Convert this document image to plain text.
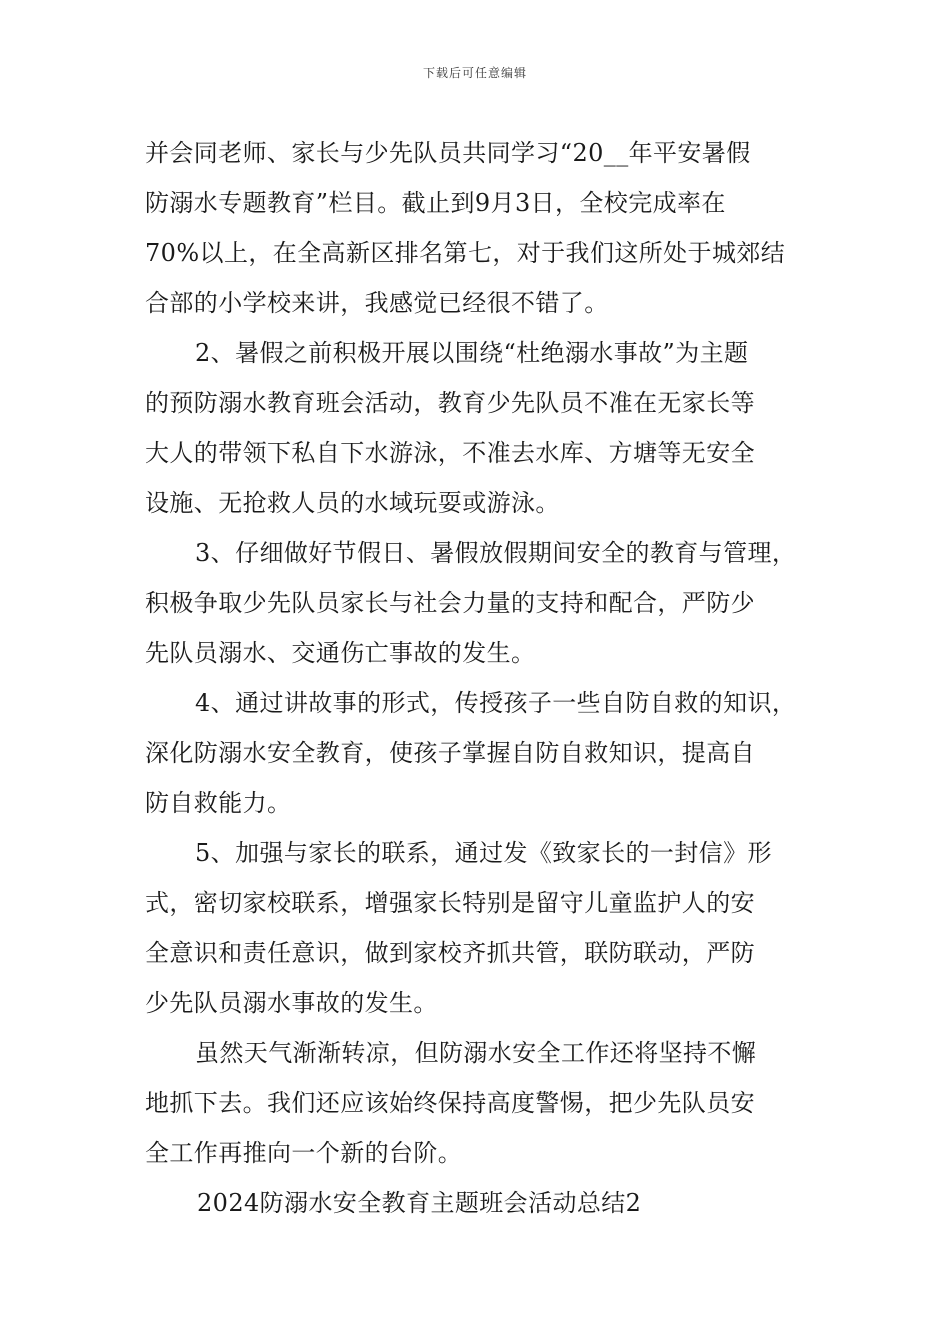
下载后可任意编辑
并会同老师、家长与少先队员共同学习“20__年平安暑假
防溺水专题教育”栏目。截止到9月3日，全校完成率在
70%以上，在全高新区排名第七，对于我们这所处于城郊结
合部的小学校来讲，我感觉已经很不错了。
2、暑假之前积极开展以围绕“杜绝溺水事故”为主题
的预防溺水教育班会活动，教育少先队员不准在无家长等
大人的带领下私自下水游泳，不准去水库、方塘等无安全
设施、无抢救人员的水域玩耍或游泳。
3、仔细做好节假日、暑假放假期间安全的教育与管理，
积极争取少先队员家长与社会力量的支持和配合，严防少
先队员溺水、交通伤亡事故的发生。
4、通过讲故事的形式，传授孩子一些自防自救的知识，
深化防溺水安全教育，使孩子掌握自防自救知识，提高自
防自救能力。
5、加强与家长的联系，通过发《致家长的一封信》形
式，密切家校联系，增强家长特别是留守儿童监护人的安
全意识和责任意识，做到家校齐抓共管，联防联动，严防
少先队员溺水事故的发生。
虽然天气渐渐转凉，但防溺水安全工作还将坚持不懈
地抓下去。我们还应该始终保持高度警惕，把少先队员安
全工作再推向一个新的台阶。
2024防溺水安全教育主题班会活动总结2
